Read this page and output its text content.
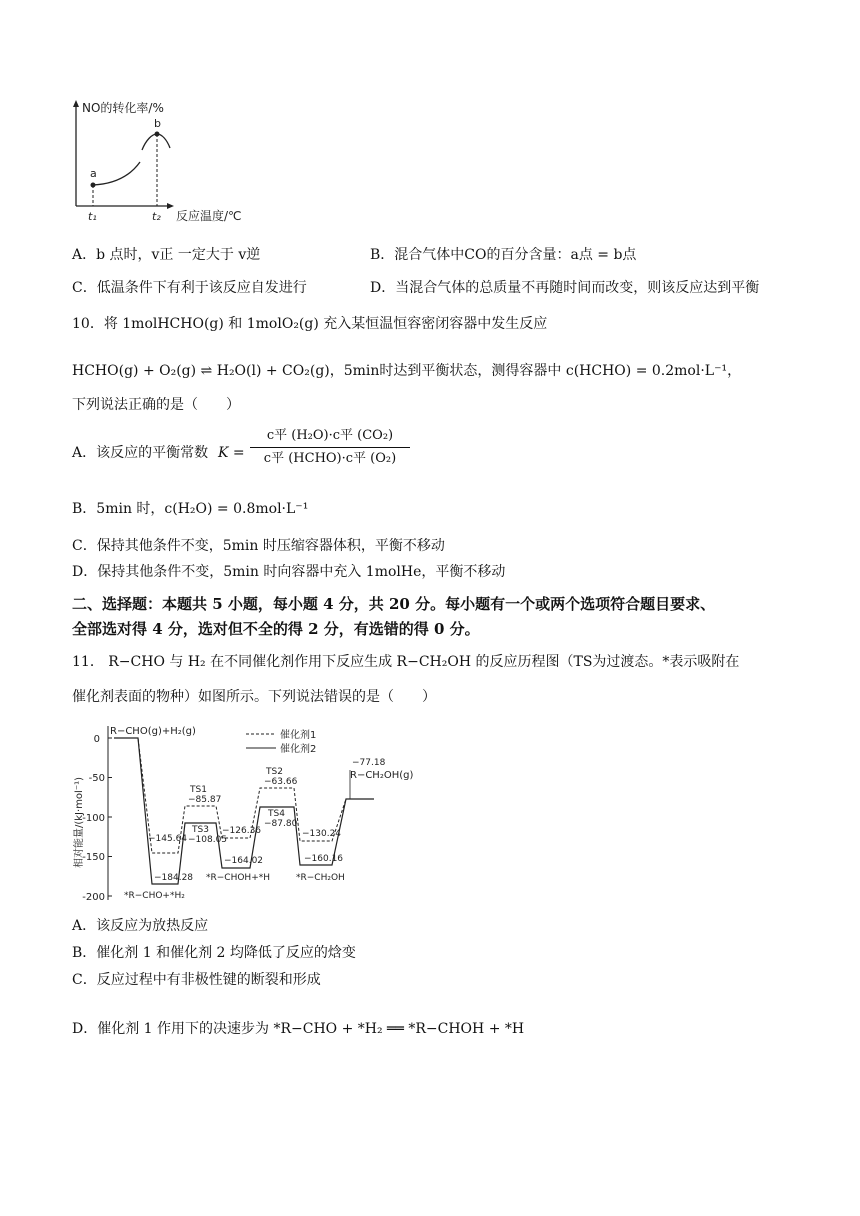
NO的转化率/%
反应温度/℃
a
b
t₁	t₂
A．b 点时，v正 一定大于 v逆	B．混合气体中CO的百分含量：a点 = b点
C．低温条件下有利于该反应自发进行	D．当混合气体的总质量不再随时间而改变，则该反应达到平衡
10．将 1molHCHO(g) 和 1molO₂(g) 充入某恒温恒容密闭容器中发生反应
HCHO(g) + O₂(g) ⇌ H₂O(l) + CO₂(g)，5min时达到平衡状态，测得容器中 c(HCHO) = 0.2mol·L⁻¹，
下列说法正确的是（　　）
A．该反应的平衡常数 K =
c平 (H₂O)·c平 (CO₂)
c平 (HCHO)·c平 (O₂)
B．5min 时，c(H₂O) = 0.8mol·L⁻¹
C．保持其他条件不变，5min 时压缩容器体积，平衡不移动
D．保持其他条件不变，5min 时向容器中充入 1molHe，平衡不移动
二、选择题：本题共 5 小题，每小题 4 分，共 20 分。每小题有一个或两个选项符合题目要求、
全部选对得 4 分，选对但不全的得 2 分，有选错的得 0 分。
11． R−CHO 与 H₂ 在不同催化剂作用下反应生成 R−CH₂OH 的反应历程图（TS为过渡态。*表示吸附在
催化剂表面的物种）如图所示。下列说法错误的是（　　）
0
-50
-100
-150
-200
相对能量/(kJ·mol⁻¹)
催化剂1
催化剂2
R−CHO(g)+H₂(g)
TS1
−85.87
TS2
−63.66
TS3
−108.05
TS4
−87.80
−145.64
−126.36	−130.24
−184.28
−164.02	−160.16
−77.18
R−CH₂OH(g)
*R−CHO+*H₂
*R−CHOH+*H	*R−CH₂OH
A．该反应为放热反应
B．催化剂 1 和催化剂 2 均降低了反应的焓变
C．反应过程中有非极性键的断裂和形成
D．催化剂 1 作用下的决速步为 *R−CHO + *H₂ ══ *R−CHOH + *H
